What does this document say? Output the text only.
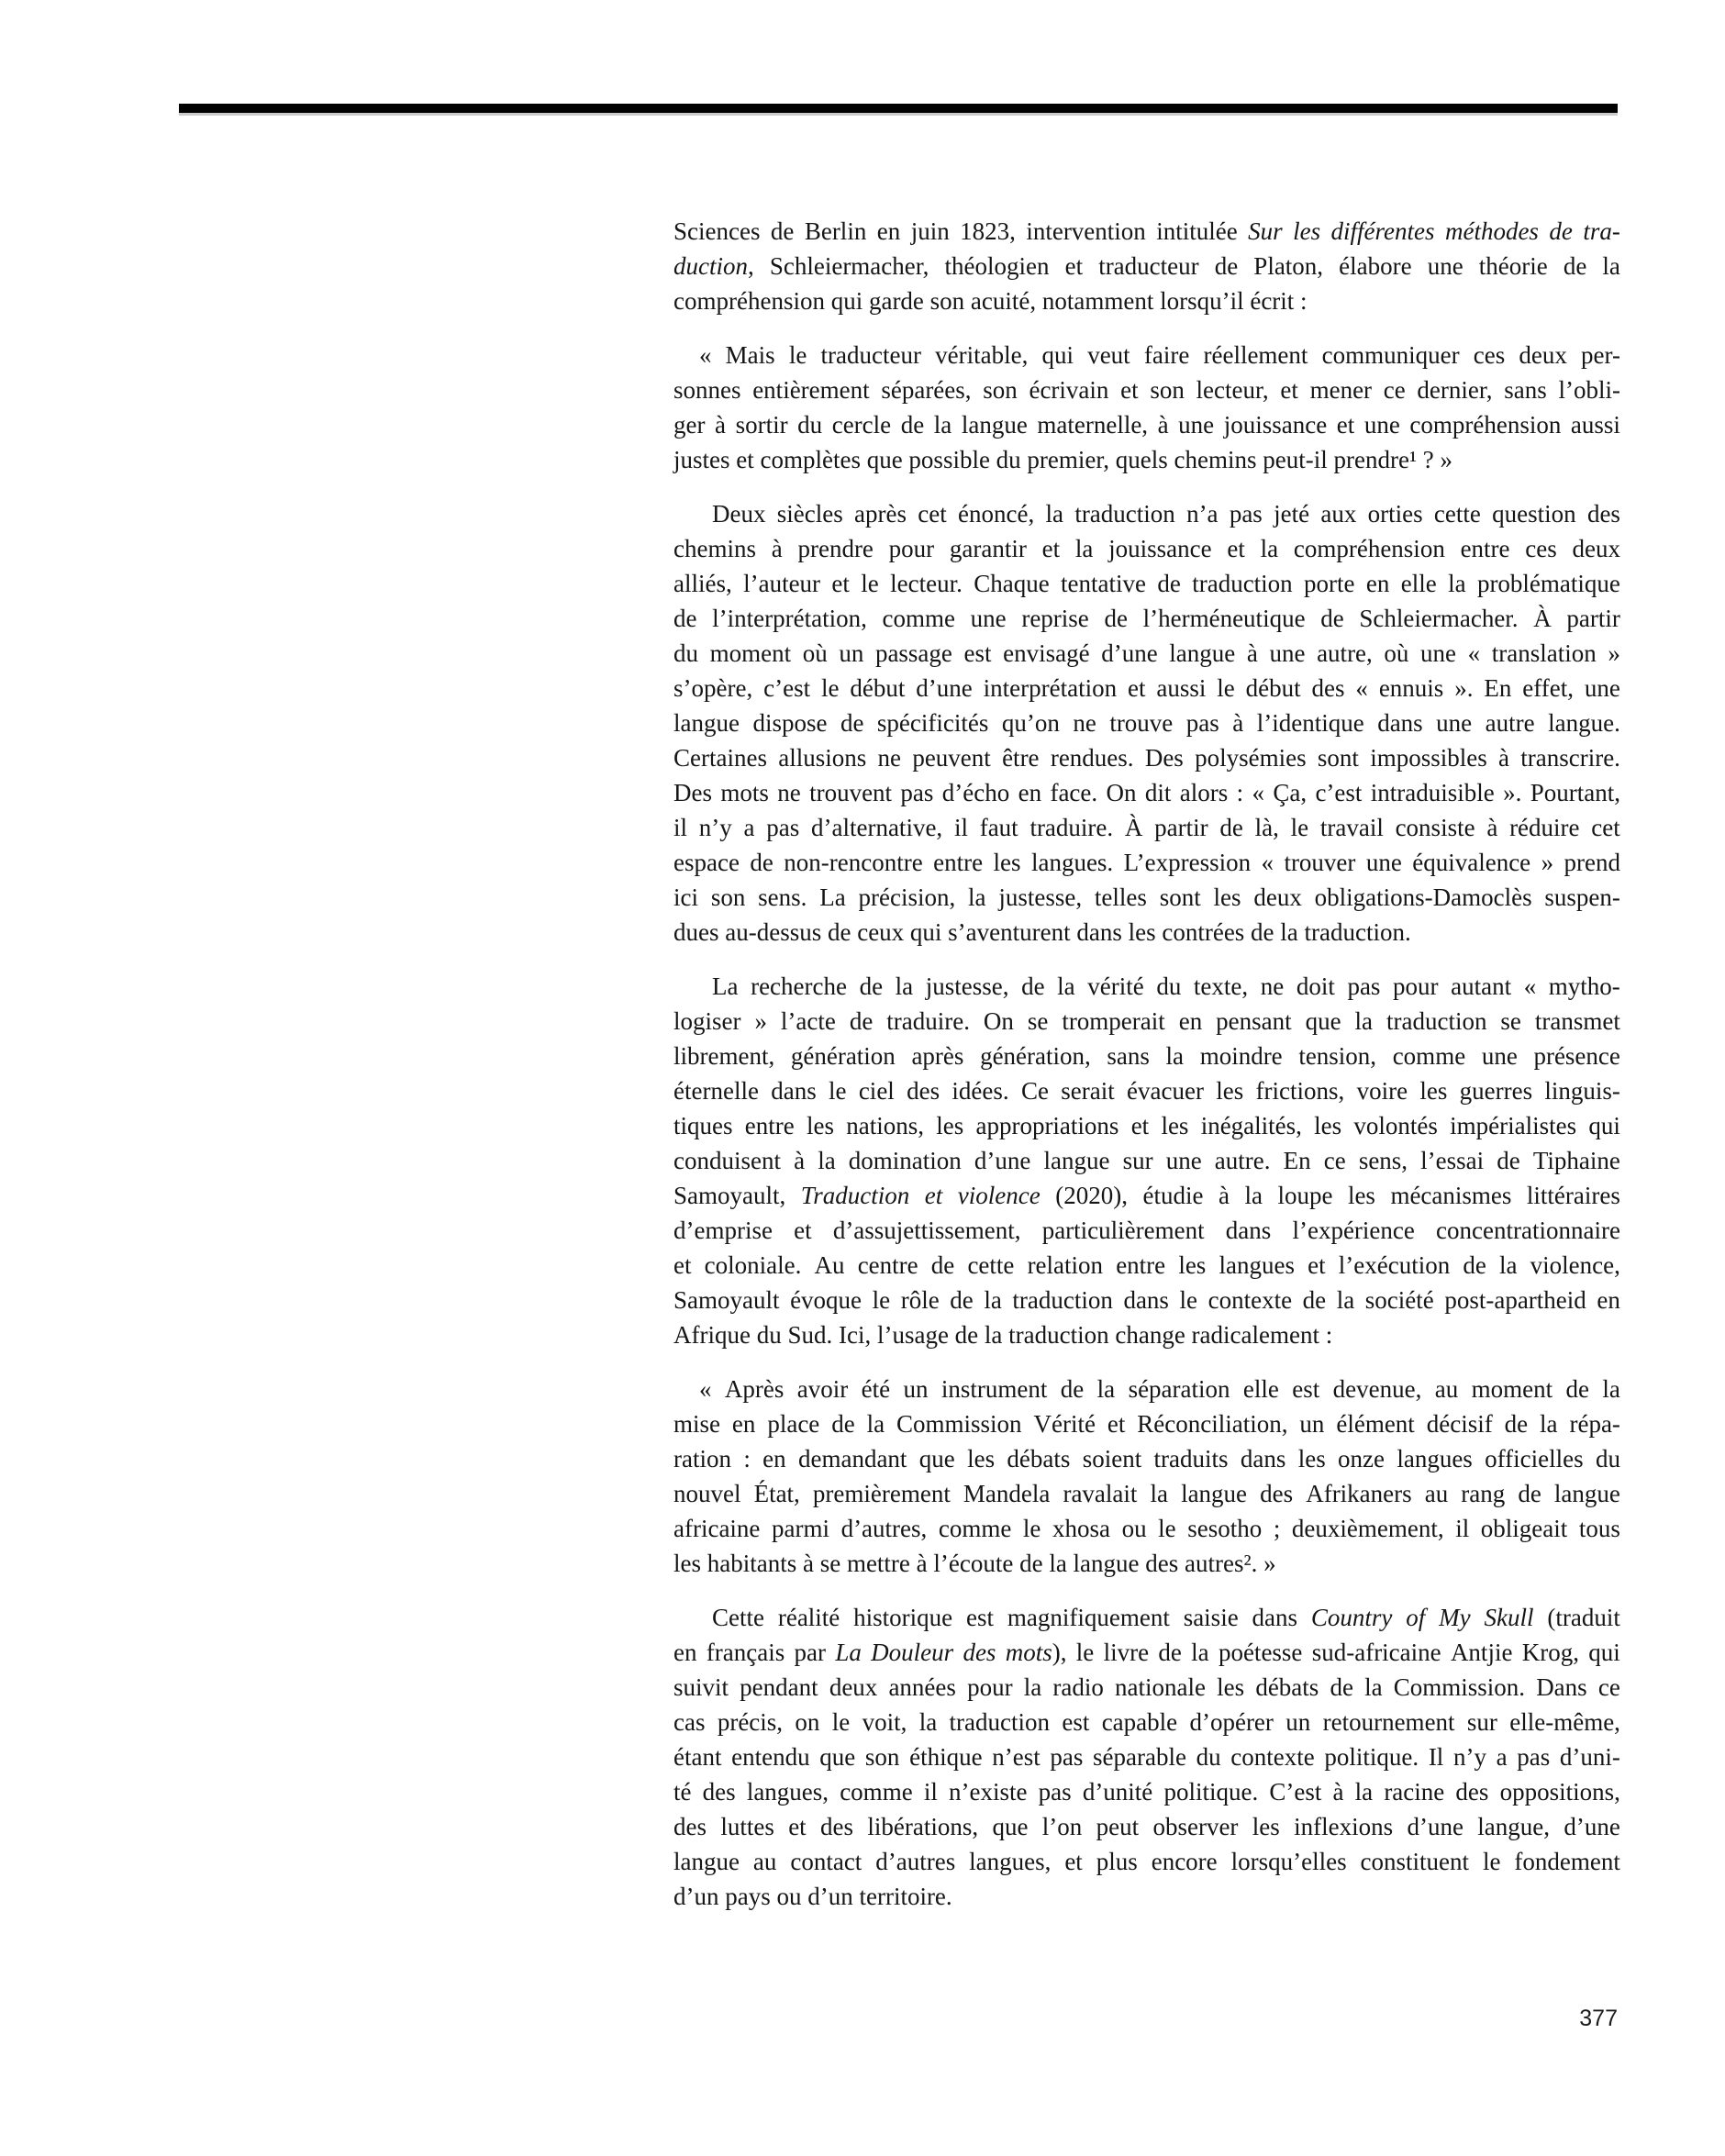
Sciences de Berlin en juin 1823, intervention intitulée Sur les différentes méthodes de tra-
duction, Schleiermacher, théologien et traducteur de Platon, élabore une théorie de la
compréhension qui garde son acuité, notamment lorsqu’il écrit :
« Mais le traducteur véritable, qui veut faire réellement communiquer ces deux per-
sonnes entièrement séparées, son écrivain et son lecteur, et mener ce dernier, sans l’obli-
ger à sortir du cercle de la langue maternelle, à une jouissance et une compréhension aussi
justes et complètes que possible du premier, quels chemins peut-il prendre¹ ? »
Deux siècles après cet énoncé, la traduction n’a pas jeté aux orties cette question des
chemins à prendre pour garantir et la jouissance et la compréhension entre ces deux
alliés, l’auteur et le lecteur. Chaque tentative de traduction porte en elle la problématique
de l’interprétation, comme une reprise de l’herméneutique de Schleiermacher. À partir
du moment où un passage est envisagé d’une langue à une autre, où une « translation »
s’opère, c’est le début d’une interprétation et aussi le début des « ennuis ». En effet, une
langue dispose de spécificités qu’on ne trouve pas à l’identique dans une autre langue.
Certaines allusions ne peuvent être rendues. Des polysémies sont impossibles à transcrire.
Des mots ne trouvent pas d’écho en face. On dit alors : « Ça, c’est intraduisible ». Pourtant,
il n’y a pas d’alternative, il faut traduire. À partir de là, le travail consiste à réduire cet
espace de non-rencontre entre les langues. L’expression « trouver une équivalence » prend
ici son sens. La précision, la justesse, telles sont les deux obligations-Damoclès suspen-
dues au-dessus de ceux qui s’aventurent dans les contrées de la traduction.
La recherche de la justesse, de la vérité du texte, ne doit pas pour autant « mytho-
logiser » l’acte de traduire. On se tromperait en pensant que la traduction se transmet
librement, génération après génération, sans la moindre tension, comme une présence
éternelle dans le ciel des idées. Ce serait évacuer les frictions, voire les guerres linguis-
tiques entre les nations, les appropriations et les inégalités, les volontés impérialistes qui
conduisent à la domination d’une langue sur une autre. En ce sens, l’essai de Tiphaine
Samoyault, Traduction et violence (2020), étudie à la loupe les mécanismes littéraires
d’emprise et d’assujettissement, particulièrement dans l’expérience concentrationnaire
et coloniale. Au centre de cette relation entre les langues et l’exécution de la violence,
Samoyault évoque le rôle de la traduction dans le contexte de la société post-apartheid en
Afrique du Sud. Ici, l’usage de la traduction change radicalement :
« Après avoir été un instrument de la séparation elle est devenue, au moment de la
mise en place de la Commission Vérité et Réconciliation, un élément décisif de la répa-
ration : en demandant que les débats soient traduits dans les onze langues officielles du
nouvel État, premièrement Mandela ravalait la langue des Afrikaners au rang de langue
africaine parmi d’autres, comme le xhosa ou le sesotho ; deuxièmement, il obligeait tous
les habitants à se mettre à l’écoute de la langue des autres². »
Cette réalité historique est magnifiquement saisie dans Country of My Skull (traduit
en français par La Douleur des mots), le livre de la poétesse sud-africaine Antjie Krog, qui
suivit pendant deux années pour la radio nationale les débats de la Commission. Dans ce
cas précis, on le voit, la traduction est capable d’opérer un retournement sur elle-même,
étant entendu que son éthique n’est pas séparable du contexte politique. Il n’y a pas d’uni-
té des langues, comme il n’existe pas d’unité politique. C’est à la racine des oppositions,
des luttes et des libérations, que l’on peut observer les inflexions d’une langue, d’une
langue au contact d’autres langues, et plus encore lorsqu’elles constituent le fondement
d’un pays ou d’un territoire.
377
